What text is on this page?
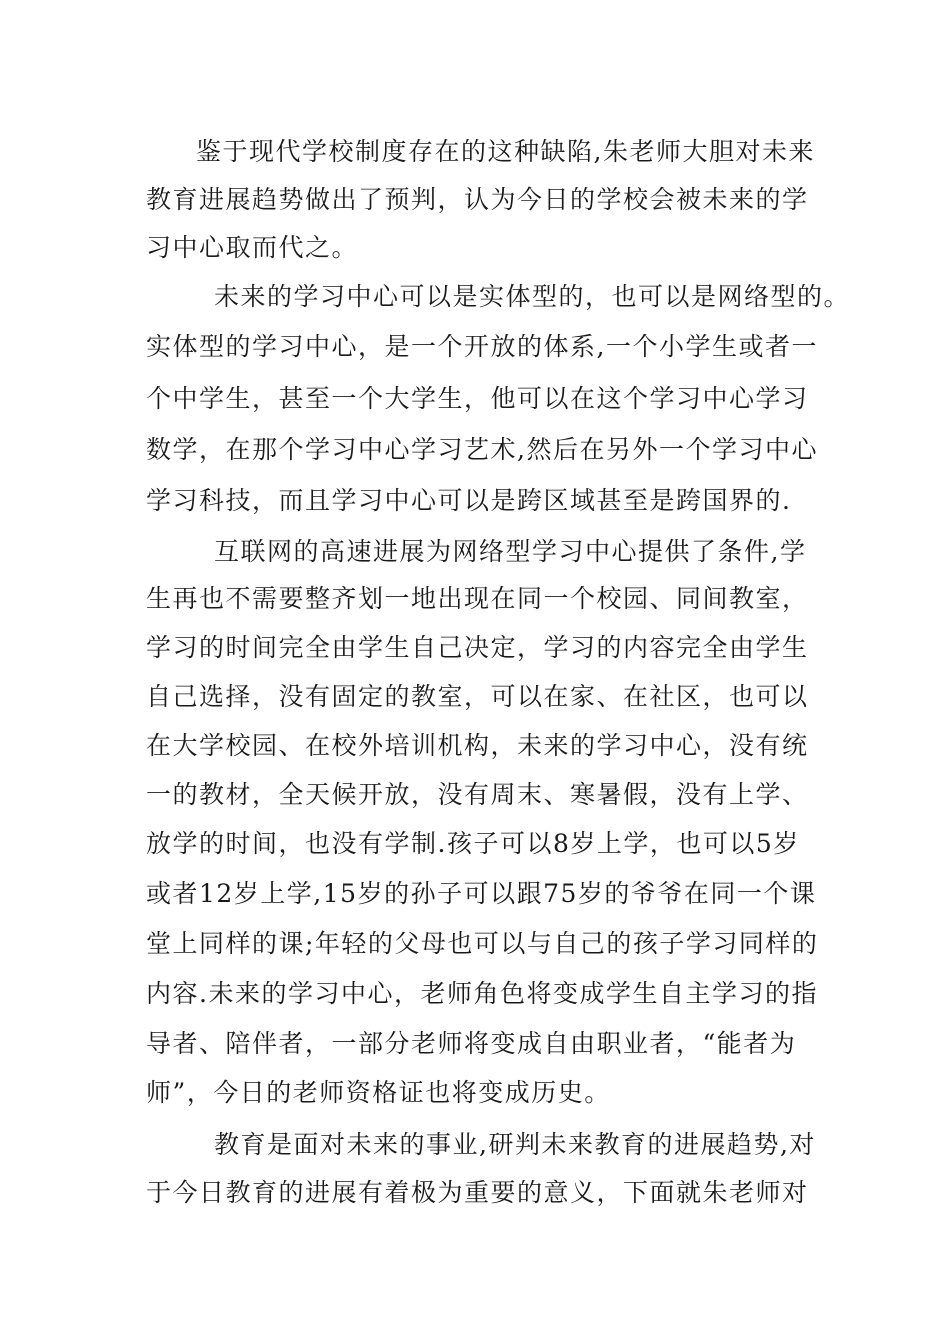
鉴于现代学校制度存在的这种缺陷,朱老师大胆对未来
教育进展趋势做出了预判，认为今日的学校会被未来的学
习中心取而代之。
未来的学习中心可以是实体型的，也可以是网络型的。
实体型的学习中心，是一个开放的体系,一个小学生或者一
个中学生，甚至一个大学生，他可以在这个学习中心学习
数学，在那个学习中心学习艺术,然后在另外一个学习中心
学习科技，而且学习中心可以是跨区域甚至是跨国界的.
互联网的高速进展为网络型学习中心提供了条件,学
生再也不需要整齐划一地出现在同一个校园、同间教室，
学习的时间完全由学生自己决定，学习的内容完全由学生
自己选择，没有固定的教室，可以在家、在社区，也可以
在大学校园、在校外培训机构，未来的学习中心，没有统
一的教材，全天候开放，没有周末、寒暑假，没有上学、
放学的时间，也没有学制.孩子可以8岁上学，也可以5岁
或者12岁上学,15岁的孙子可以跟75岁的爷爷在同一个课
堂上同样的课;年轻的父母也可以与自己的孩子学习同样的
内容.未来的学习中心，老师角色将变成学生自主学习的指
导者、陪伴者，一部分老师将变成自由职业者，“能者为
师”，今日的老师资格证也将变成历史。
教育是面对未来的事业,研判未来教育的进展趋势,对
于今日教育的进展有着极为重要的意义，下面就朱老师对
